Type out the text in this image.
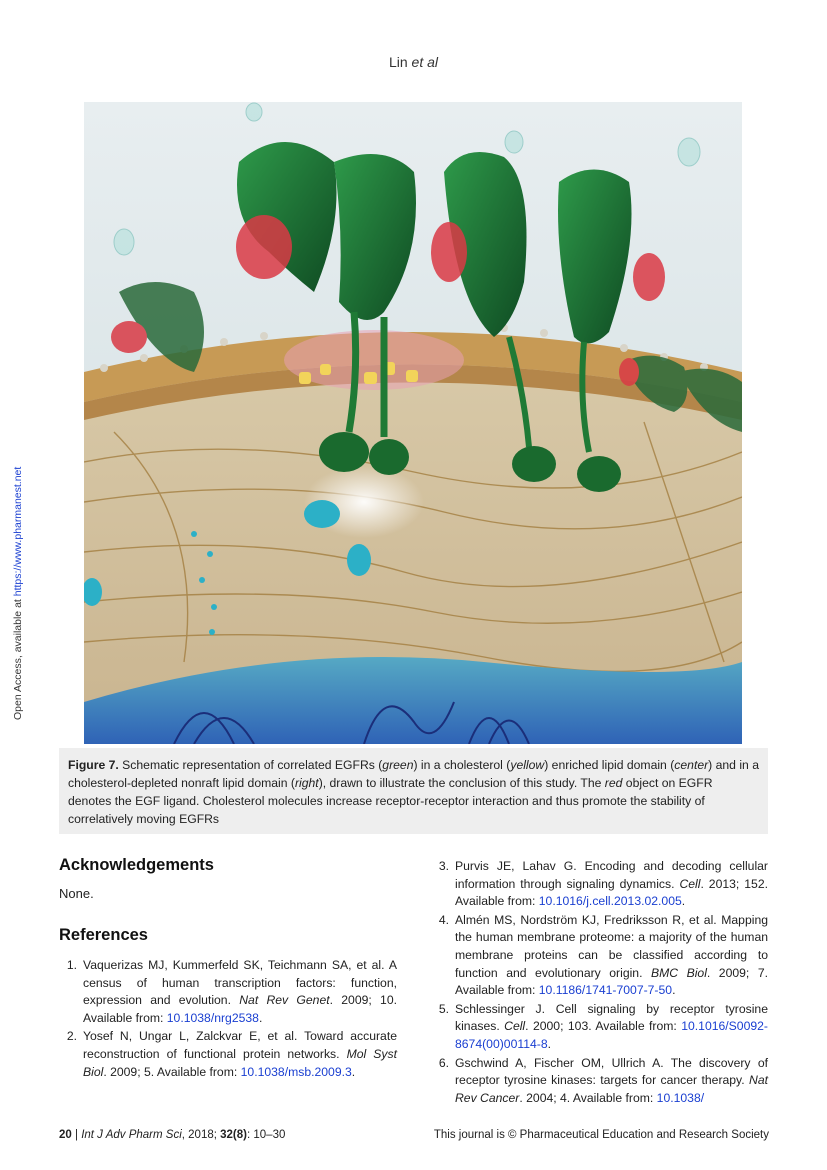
Lin et al
Open Access, available at https://www.pharmanest.net
Figure 7. Schematic representation of correlated EGFRs (green) in a cholesterol (yellow) enriched lipid domain (center) and in a cholesterol-depleted nonraft lipid domain (right), drawn to illustrate the conclusion of this study. The red object on EGFR denotes the EGF ligand. Cholesterol molecules increase receptor-receptor interaction and thus promote the stability of correlatively moving EGFRs
Acknowledgements
None.
References
1. Vaquerizas MJ, Kummerfeld SK, Teichmann SA, et al. A census of human transcription factors: function, expression and evolution. Nat Rev Genet. 2009; 10. Available from: 10.1038/nrg2538.
2. Yosef N, Ungar L, Zalckvar E, et al. Toward accurate reconstruction of functional protein networks. Mol Syst Biol. 2009; 5. Available from: 10.1038/msb.2009.3.
3. Purvis JE, Lahav G. Encoding and decoding cellular information through signaling dynamics. Cell. 2013; 152. Available from: 10.1016/j.cell.2013.02.005.
4. Almén MS, Nordström KJ, Fredriksson R, et al. Mapping the human membrane proteome: a majority of the human membrane proteins can be classified according to function and evolutionary origin. BMC Biol. 2009; 7. Available from: 10.1186/1741-7007-7-50.
5. Schlessinger J. Cell signaling by receptor tyrosine kinases. Cell. 2000; 103. Available from: 10.1016/S0092-8674(00)00114-8.
6. Gschwind A, Fischer OM, Ullrich A. The discovery of receptor tyrosine kinases: targets for cancer therapy. Nat Rev Cancer. 2004; 4. Available from: 10.1038/
20 | Int J Adv Pharm Sci, 2018; 32(8): 10–30	This journal is © Pharmaceutical Education and Research Society
